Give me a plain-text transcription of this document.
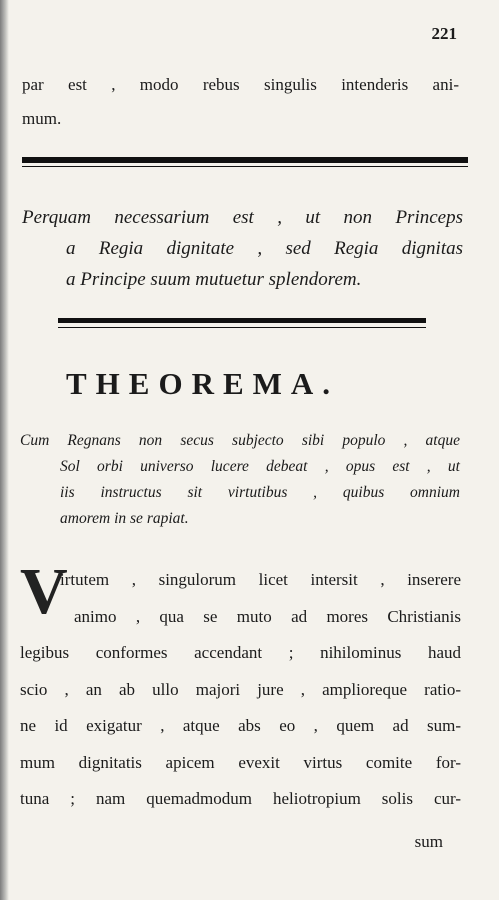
221

par est , modo rebus singulis intenderis ani-
mum.

Perquam necessarium est , ut non Princeps
a Regia dignitate , sed Regia dignitas
a Principe suum mutuetur splendorem.

THEOREMA.

Cum Regnans non secus subjecto sibi populo , atque
Sol orbi universo lucere debeat , opus est , ut
iis instructus sit virtutibus , quibus omnium
amorem in se rapiat.

V

irtutem , singulorum licet intersit , inserere
animo , qua se muto ad mores Christianis
legibus conformes accendant ; nihilominus haud
scio , an ab ullo majori jure , amplioreque ratio-
ne id exigatur , atque abs eo , quem ad sum-
mum dignitatis apicem evexit virtus comite for-
tuna ; nam quemadmodum heliotropium solis cur-

sum
